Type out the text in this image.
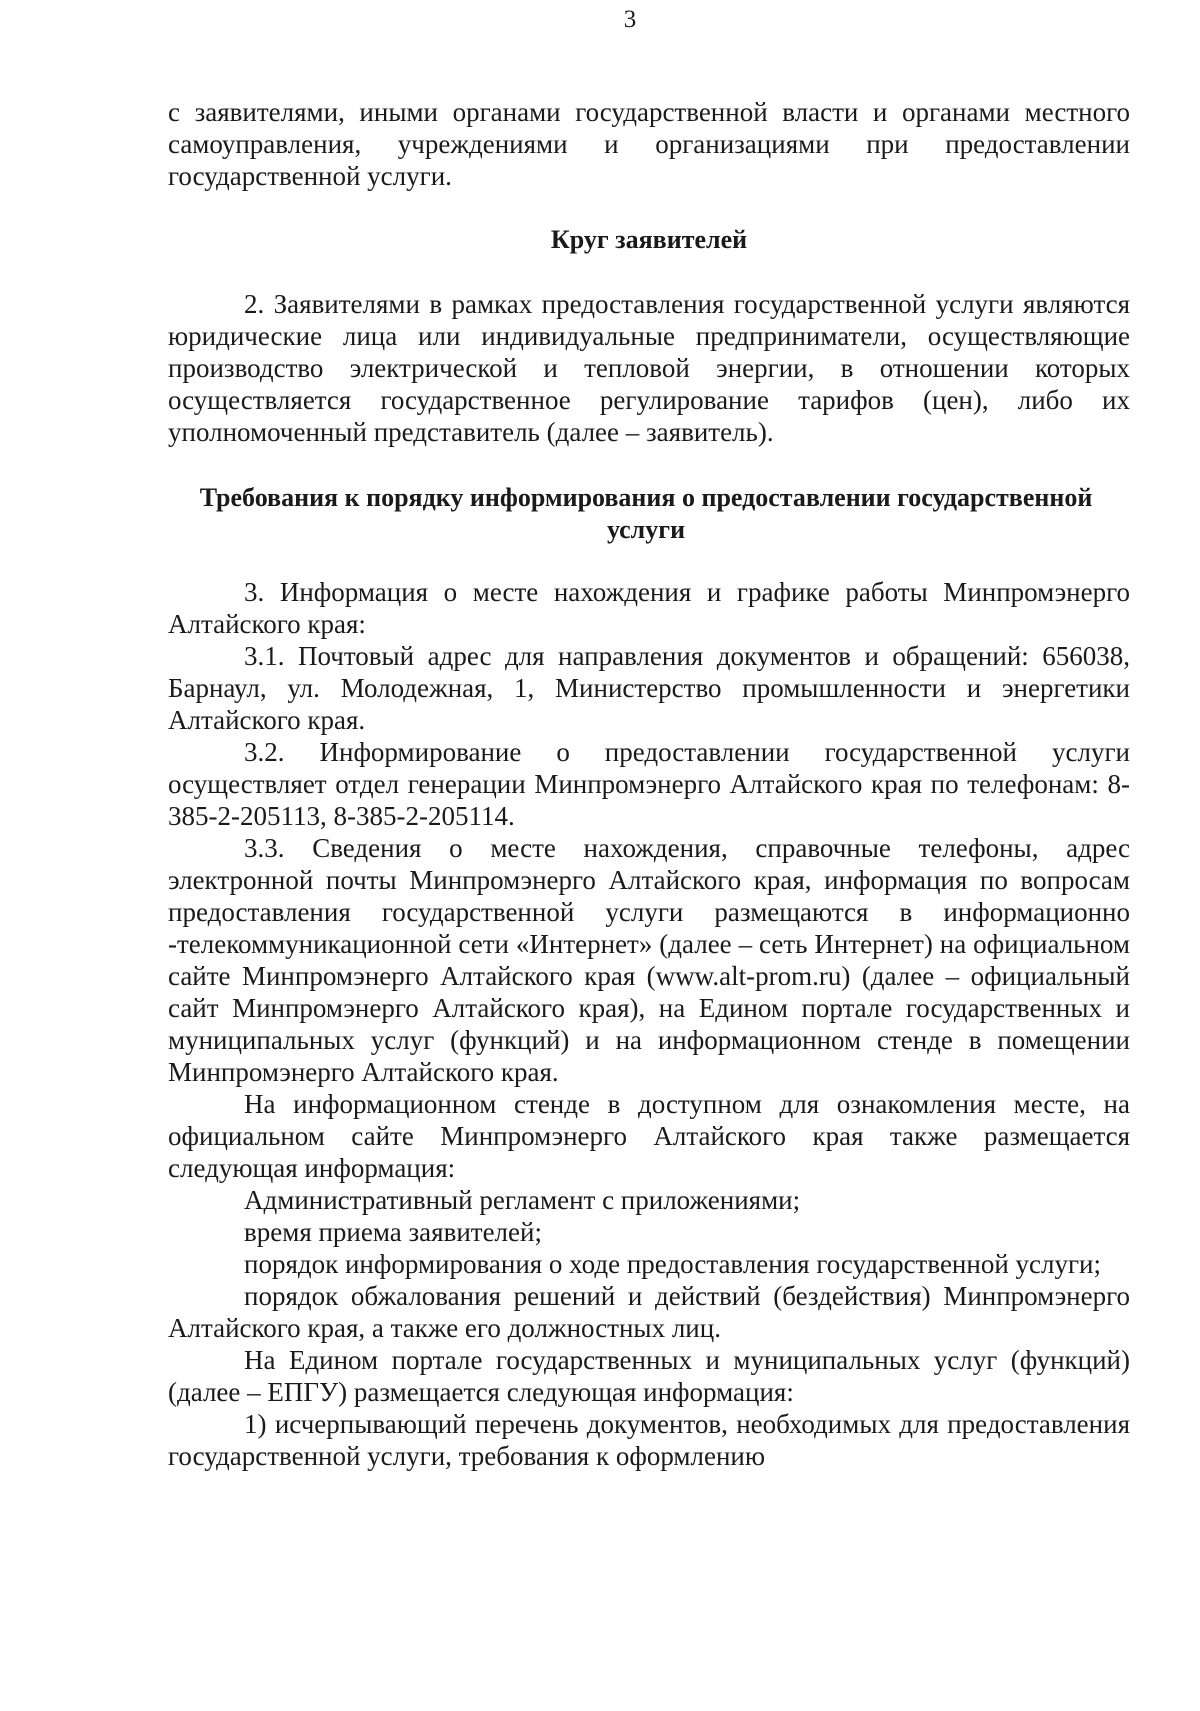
3

с заявителями, иными органами государственной власти и органами местного самоуправления, учреждениями и организациями при предоставлении государственной услуги.

Круг заявителей

2. Заявителями в рамках предоставления государственной услуги являются юридические лица или индивидуальные предприниматели, осуществляющие производство электрической и тепловой энергии, в отношении которых осуществляется государственное регулирование тарифов (цен), либо их уполномоченный представитель (далее – заявитель).

Требования к порядку информирования о предоставлении государственной услуги

3. Информация о месте нахождения и графике работы Минпромэнерго Алтайского края:

3.1. Почтовый адрес для направления документов и обращений: 656038, Барнаул, ул. Молодежная, 1, Министерство промышленности и энергетики Алтайского края.

3.2. Информирование о предоставлении государственной услуги осуществляет отдел генерации Минпромэнерго Алтайского края по телефонам: 8-385-2-205113, 8-385-2-205114.

3.3. Сведения о месте нахождения, справочные телефоны, адрес электронной почты Минпромэнерго Алтайского края, информация по вопросам предоставления государственной услуги размещаются в информационно -телекоммуникационной сети «Интернет» (далее – сеть Интернет) на официальном сайте Минпромэнерго Алтайского края (www.alt-prom.ru) (далее – официальный сайт Минпромэнерго Алтайского края), на Едином портале государственных и муниципальных услуг (функций) и на информационном стенде в помещении Минпромэнерго Алтайского края.

На информационном стенде в доступном для ознакомления месте, на официальном сайте Минпромэнерго Алтайского края также размещается следующая информация:

Административный регламент с приложениями;

время приема заявителей;

порядок информирования о ходе предоставления государственной услуги;

порядок обжалования решений и действий (бездействия) Минпромэнерго Алтайского края, а также его должностных лиц.

На Едином портале государственных и муниципальных услуг (функций) (далее – ЕПГУ) размещается следующая информация:

1) исчерпывающий перечень документов, необходимых для предоставления государственной услуги, требования к оформлению
